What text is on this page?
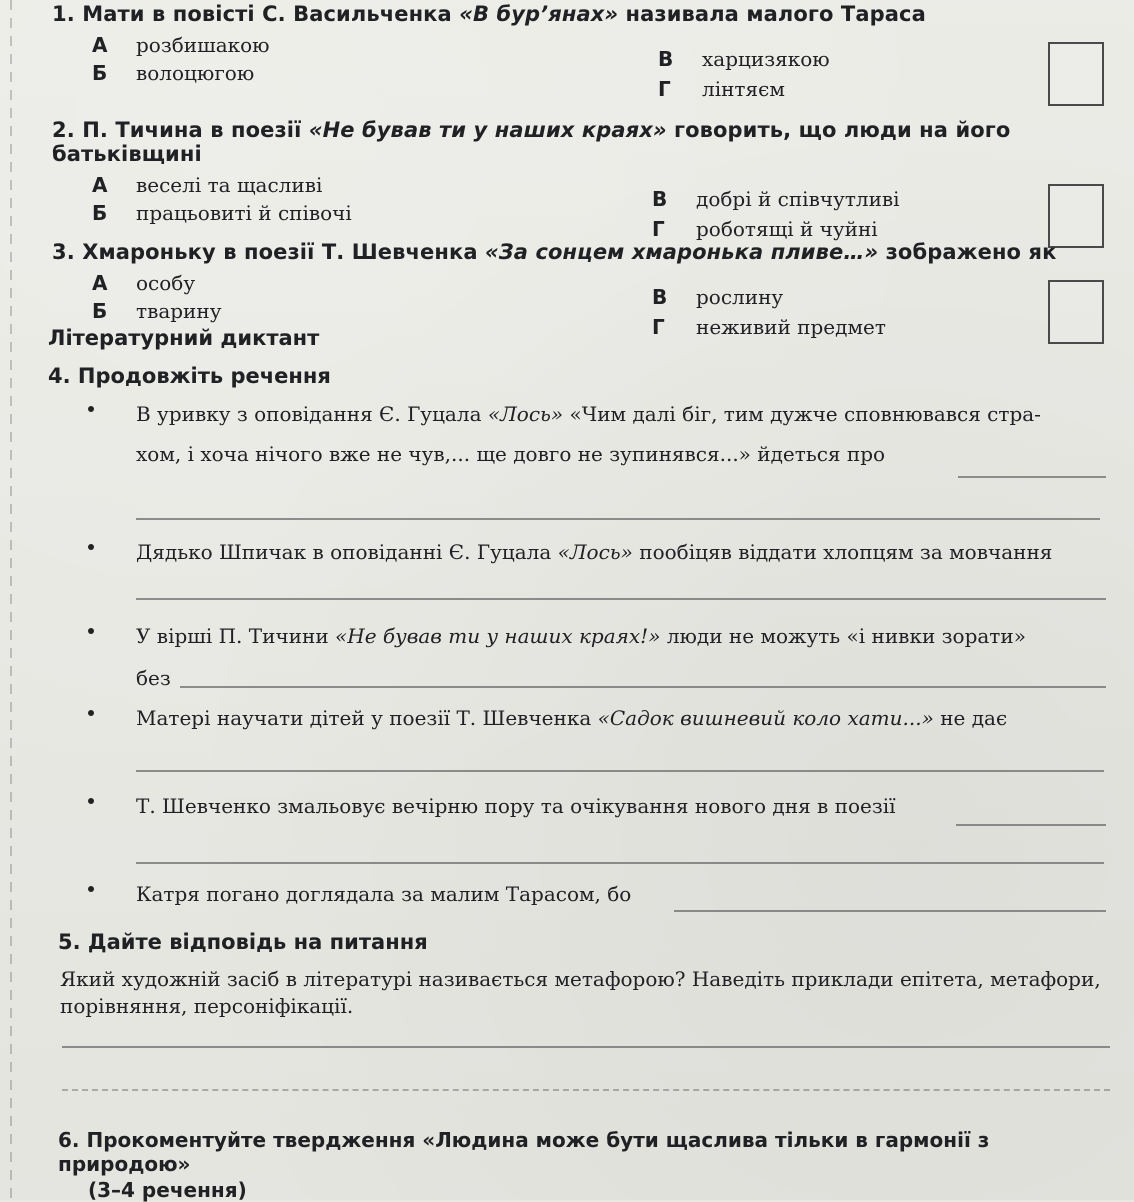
1. Мати в повісті С. Васильченка «В бур’янах» називала малого Тараса
А	розбишакою
Б	волоцюгою
В	харцизякою
Г	лінтяєм
2. П. Тичина в поезії «Не бував ти у наших краях» говорить, що люди на його батьківщині
А	веселі та щасливі
Б	працьовиті й співочі
В	добрі й співчутливі
Г	роботящі й чуйні
3. Хмароньку в поезії Т. Шевченка «За сонцем хмаронька пливе…» зображено як
А	особу
Б	тварину
В	рослину
Г	неживий предмет
Літературний диктант
4. Продовжіть речення
В уривку з оповідання Є. Гуцала «Лось» «Чим далі біг, тим дужче сповнювався стра-
хом, і хоча нічого вже не чув,... ще довго не зупинявся...» йдеться про
Дядько Шпичак в оповіданні Є. Гуцала «Лось» пообіцяв віддати хлопцям за мовчання
У вірші П. Тичини «Не бував ти у наших краях!» люди не можуть «і нивки зорати»
без
Матері научати дітей у поезії Т. Шевченка «Садок вишневий коло хати...» не дає
Т. Шевченко змальовує вечірню пору та очікування нового дня в поезії
Катря погано доглядала за малим Тарасом, бо
5. Дайте відповідь на питання
Який художній засіб в літературі називається метафорою? Наведіть приклади епітета, метафори, порівняння, персоніфікації.
6. Прокоментуйте твердження «Людина може бути щаслива тільки в гармонії з природою»
(3–4 речення)
